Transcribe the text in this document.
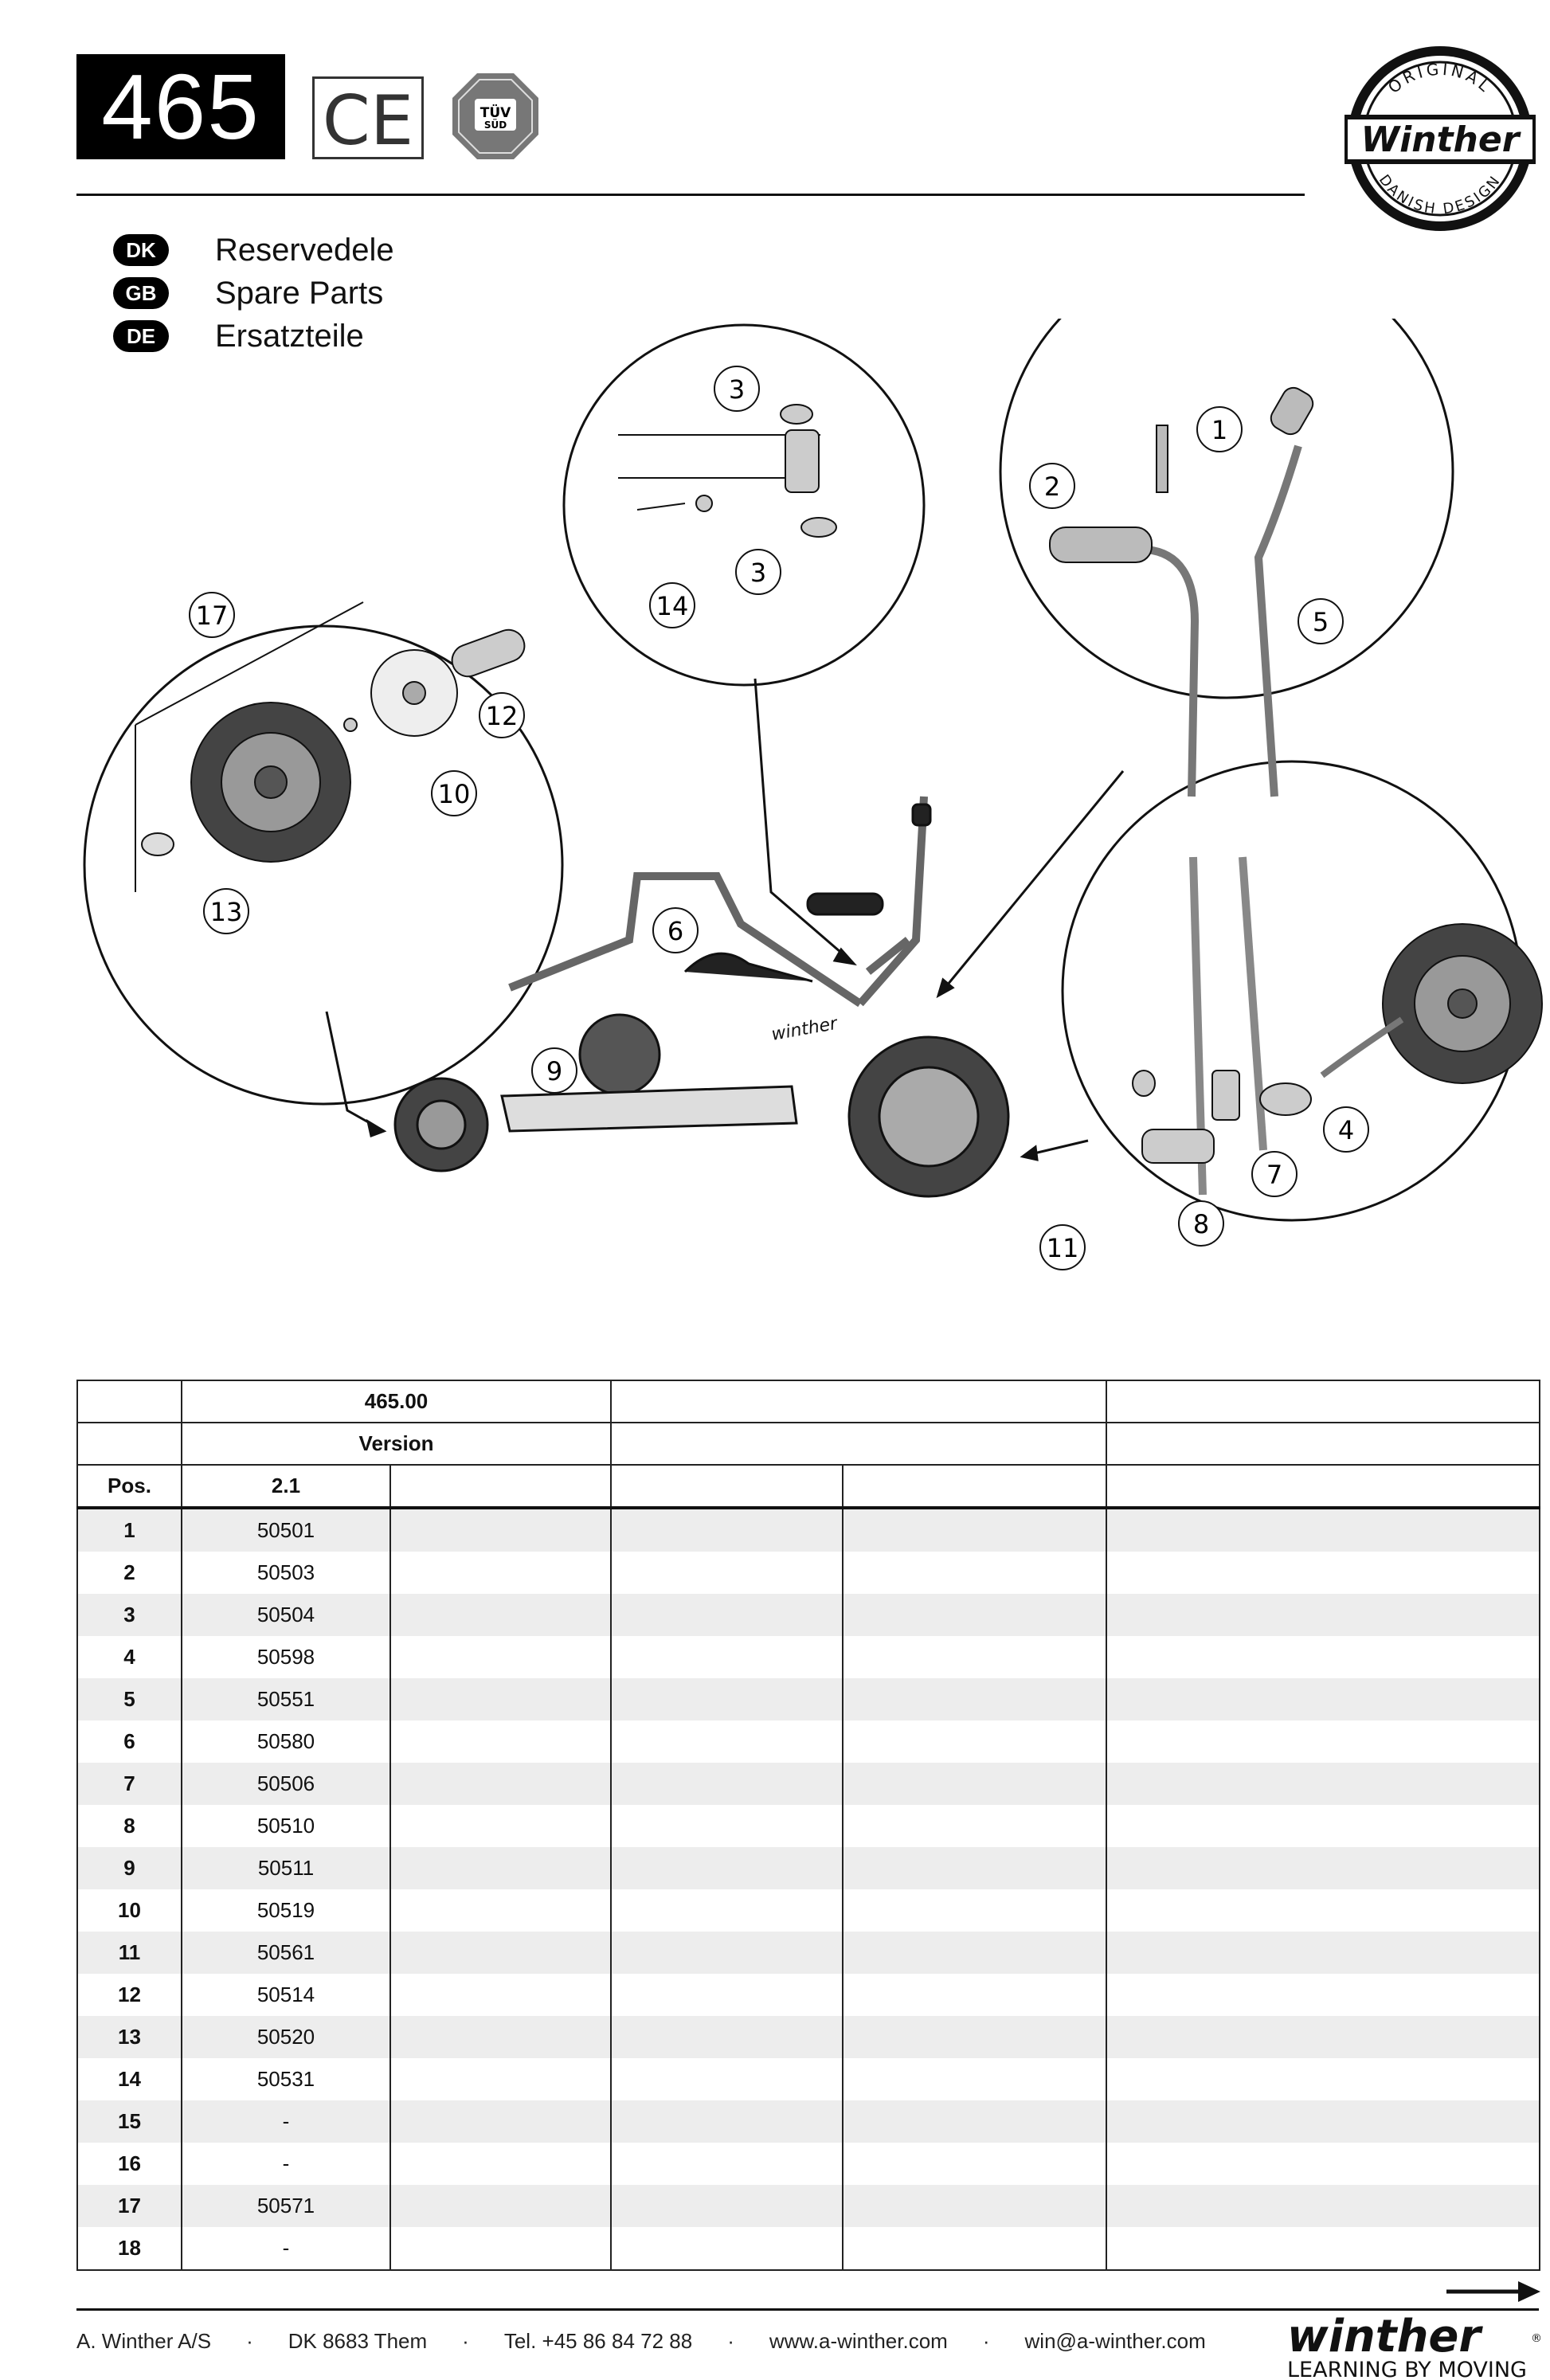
465 CE	TÜV
SÜD
ORIGINAL
Winther
DANISH DESIGN
DK	Reservedele
GB	Spare Parts
DE	Ersatzteile
winther
1
2
3
3
4
5
6
7
8
9
10
11
12
13
14
17
	465.00				
	Version				
Pos.	2.1				
1	50501				
2	50503				
3	50504				
4	50598				
5	50551				
6	50580				
7	50506				
8	50510				
9	50511				
10	50519				
11	50561				
12	50514				
13	50520				
14	50531				
15	-				
16	-				
17	50571				
18	-				
A. Winther A/S · DK 8683 Them · Tel. +45 86 84 72 88 · www.a-winther.com · win@a-winther.com winther	®
LEARNING BY MOVING
